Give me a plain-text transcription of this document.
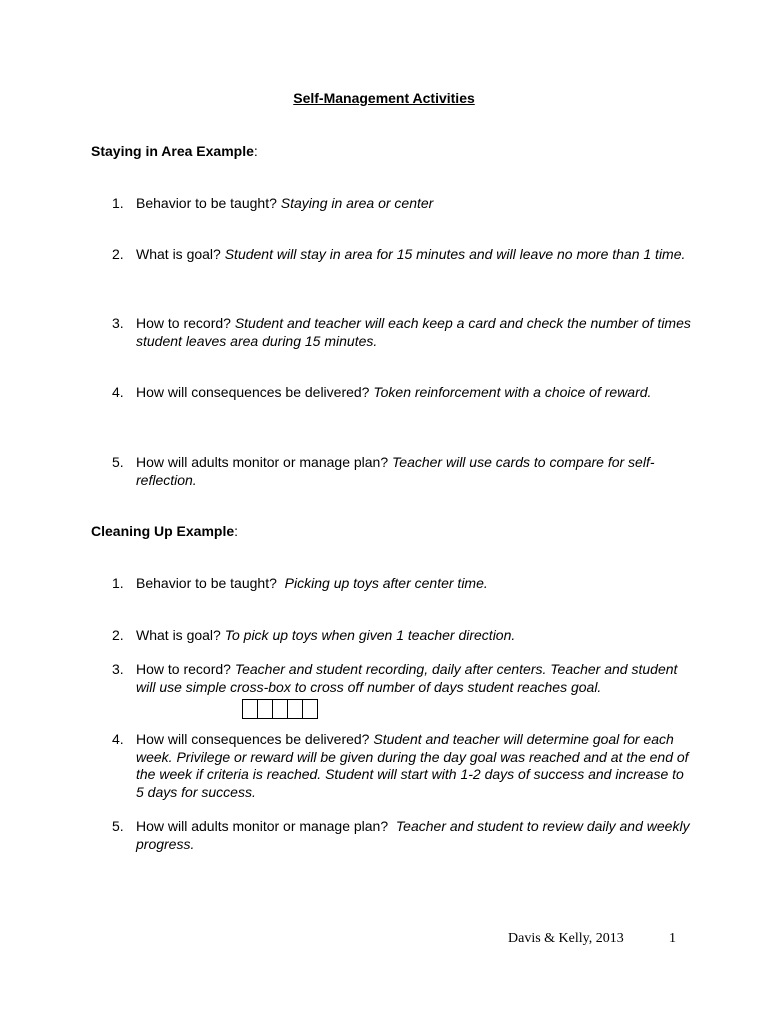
Self-Management Activities
Staying in Area Example:
1. Behavior to be taught? Staying in area or center
2. What is goal? Student will stay in area for 15 minutes and will leave no more than 1 time.
3. How to record? Student and teacher will each keep a card and check the number of times student leaves area during 15 minutes.
4. How will consequences be delivered? Token reinforcement with a choice of reward.
5. How will adults monitor or manage plan? Teacher will use cards to compare for self-reflection.
Cleaning Up Example:
1. Behavior to be taught? Picking up toys after center time.
2. What is goal? To pick up toys when given 1 teacher direction.
3. How to record? Teacher and student recording, daily after centers. Teacher and student will use simple cross-box to cross off number of days student reaches goal.
4. How will consequences be delivered? Student and teacher will determine goal for each week. Privilege or reward will be given during the day goal was reached and at the end of the week if criteria is reached. Student will start with 1-2 days of success and increase to 5 days for success.
5. How will adults monitor or manage plan? Teacher and student to review daily and weekly progress.
Davis & Kelly, 2013	1
